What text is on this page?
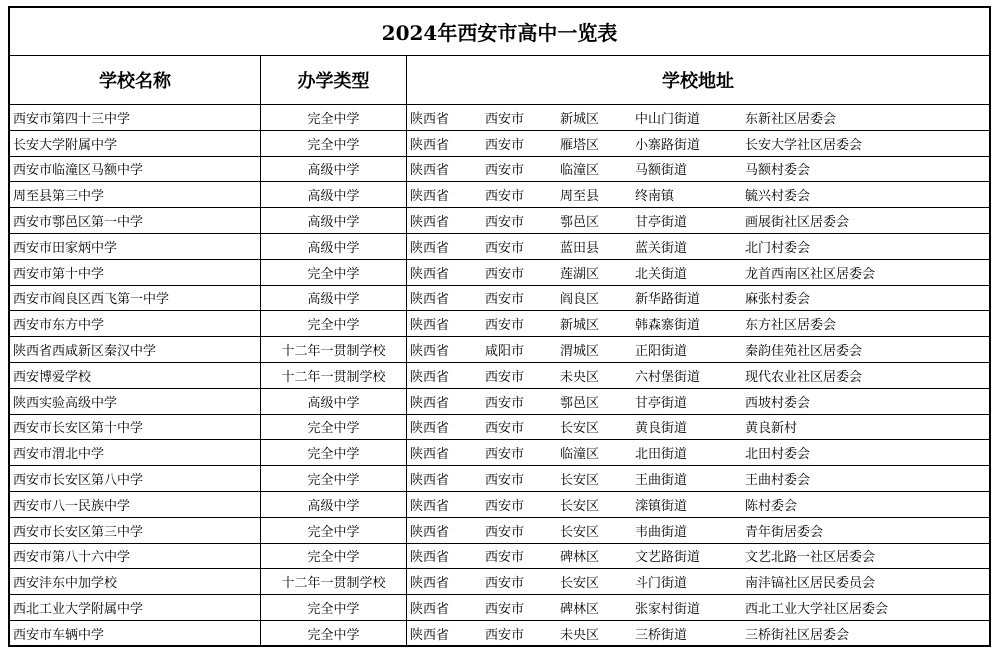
2024年西安市高中一览表
学校名称	办学类型	学校地址
西安市第四十三中学	完全中学	陕西省	西安市	新城区	中山门街道	东新社区居委会
长安大学附属中学	完全中学	陕西省	西安市	雁塔区	小寨路街道	长安大学社区居委会
西安市临潼区马额中学	高级中学	陕西省	西安市	临潼区	马额街道	马额村委会
周至县第三中学	高级中学	陕西省	西安市	周至县	终南镇	毓兴村委会
西安市鄠邑区第一中学	高级中学	陕西省	西安市	鄠邑区	甘亭街道	画展街社区居委会
西安市田家炳中学	高级中学	陕西省	西安市	蓝田县	蓝关街道	北门村委会
西安市第十中学	完全中学	陕西省	西安市	莲湖区	北关街道	龙首西南区社区居委会
西安市阎良区西飞第一中学	高级中学	陕西省	西安市	阎良区	新华路街道	麻张村委会
西安市东方中学	完全中学	陕西省	西安市	新城区	韩森寨街道	东方社区居委会
陕西省西咸新区秦汉中学	十二年一贯制学校	陕西省	咸阳市	渭城区	正阳街道	秦韵佳苑社区居委会
西安博爱学校	十二年一贯制学校	陕西省	西安市	未央区	六村堡街道	现代农业社区居委会
陕西实验高级中学	高级中学	陕西省	西安市	鄠邑区	甘亭街道	西坡村委会
西安市长安区第十中学	完全中学	陕西省	西安市	长安区	黄良街道	黄良新村
西安市渭北中学	完全中学	陕西省	西安市	临潼区	北田街道	北田村委会
西安市长安区第八中学	完全中学	陕西省	西安市	长安区	王曲街道	王曲村委会
西安市八一民族中学	高级中学	陕西省	西安市	长安区	滦镇街道	陈村委会
西安市长安区第三中学	完全中学	陕西省	西安市	长安区	韦曲街道	青年街居委会
西安市第八十六中学	完全中学	陕西省	西安市	碑林区	文艺路街道	文艺北路一社区居委会
西安沣东中加学校	十二年一贯制学校	陕西省	西安市	长安区	斗门街道	南沣镐社区居民委员会
西北工业大学附属中学	完全中学	陕西省	西安市	碑林区	张家村街道	西北工业大学社区居委会
西安市车辆中学	完全中学	陕西省	西安市	未央区	三桥街道	三桥街社区居委会
